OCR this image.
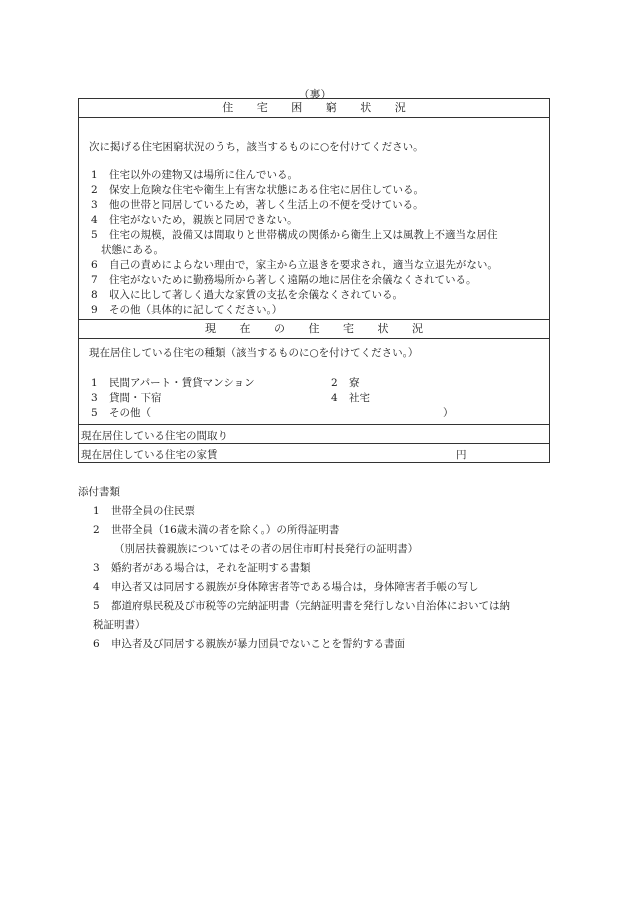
（裏）
住 宅 困 窮 状 況
次に掲げる住宅困窮状況のうち，該当するものに○を付けてください。
1 住宅以外の建物又は場所に住んでいる。
2 保安上危険な住宅や衛生上有害な状態にある住宅に居住している。
3 他の世帯と同居しているため，著しく生活上の不便を受けている。
4 住宅がないため，親族と同居できない。
5 住宅の規模，設備又は間取りと世帯構成の関係から衛生上又は風教上不適当な居住
状態にある。
6 自己の責めによらない理由で，家主から立退きを要求され，適当な立退先がない。
7 住宅がないために勤務場所から著しく遠隔の地に居住を余儀なくされている。
8 収入に比して著しく過大な家賃の支払を余儀なくされている。
9 その他（具体的に記してください。）
現 在 の 住 宅 状 況
現在居住している住宅の種類（該当するものに○を付けてください。）
1 民間アパート・賃貸マンション	2 寮
3 貸間・下宿	4 社宅
5 その他（	）
現在居住している住宅の間取り
現在居住している住宅の家賃	円
添付書類
1 世帯全員の住民票
2 世帯全員（16歳未満の者を除く。）の所得証明書
（別居扶養親族についてはその者の居住市町村長発行の証明書）
3 婚約者がある場合は，それを証明する書類
4 申込者又は同居する親族が身体障害者等である場合は，身体障害者手帳の写し
5 都道府県民税及び市税等の完納証明書（完納証明書を発行しない自治体においては納
税証明書）
6 申込者及び同居する親族が暴力団員でないことを誓約する書面
